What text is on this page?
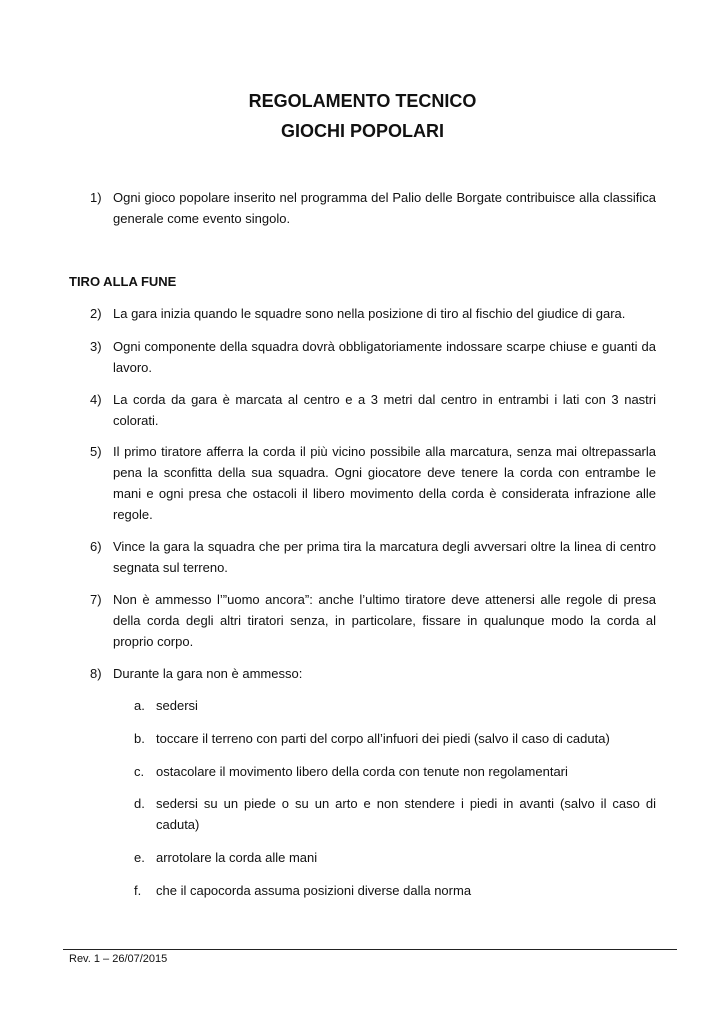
REGOLAMENTO TECNICO
GIOCHI POPOLARI
1) Ogni gioco popolare inserito nel programma del Palio delle Borgate contribuisce alla classifica generale come evento singolo.
TIRO ALLA FUNE
2) La gara inizia quando le squadre sono nella posizione di tiro al fischio del giudice di gara.
3) Ogni componente della squadra dovrà obbligatoriamente indossare scarpe chiuse e guanti da lavoro.
4) La corda da gara è marcata al centro e a 3 metri dal centro in entrambi i lati con 3 nastri colorati.
5) Il primo tiratore afferra la corda il più vicino possibile alla marcatura, senza mai oltrepassarla pena la sconfitta della sua squadra. Ogni giocatore deve tenere la corda con entrambe le mani e ogni presa che ostacoli il libero movimento della corda è considerata infrazione alle regole.
6) Vince la gara la squadra che per prima tira la marcatura degli avversari oltre la linea di centro segnata sul terreno.
7) Non è ammesso l’”uomo ancora”: anche l’ultimo tiratore deve attenersi alle regole di presa della corda degli altri tiratori senza, in particolare, fissare in qualunque modo la corda al proprio corpo.
8) Durante la gara non è ammesso:
a. sedersi
b. toccare il terreno con parti del corpo all’infuori dei piedi (salvo il caso di caduta)
c. ostacolare il movimento libero della corda con tenute non regolamentari
d. sedersi su un piede o su un arto e non stendere i piedi in avanti (salvo il caso di caduta)
e. arrotolare la corda alle mani
f. che il capocorda assuma posizioni diverse dalla norma
Rev. 1 – 26/07/2015
